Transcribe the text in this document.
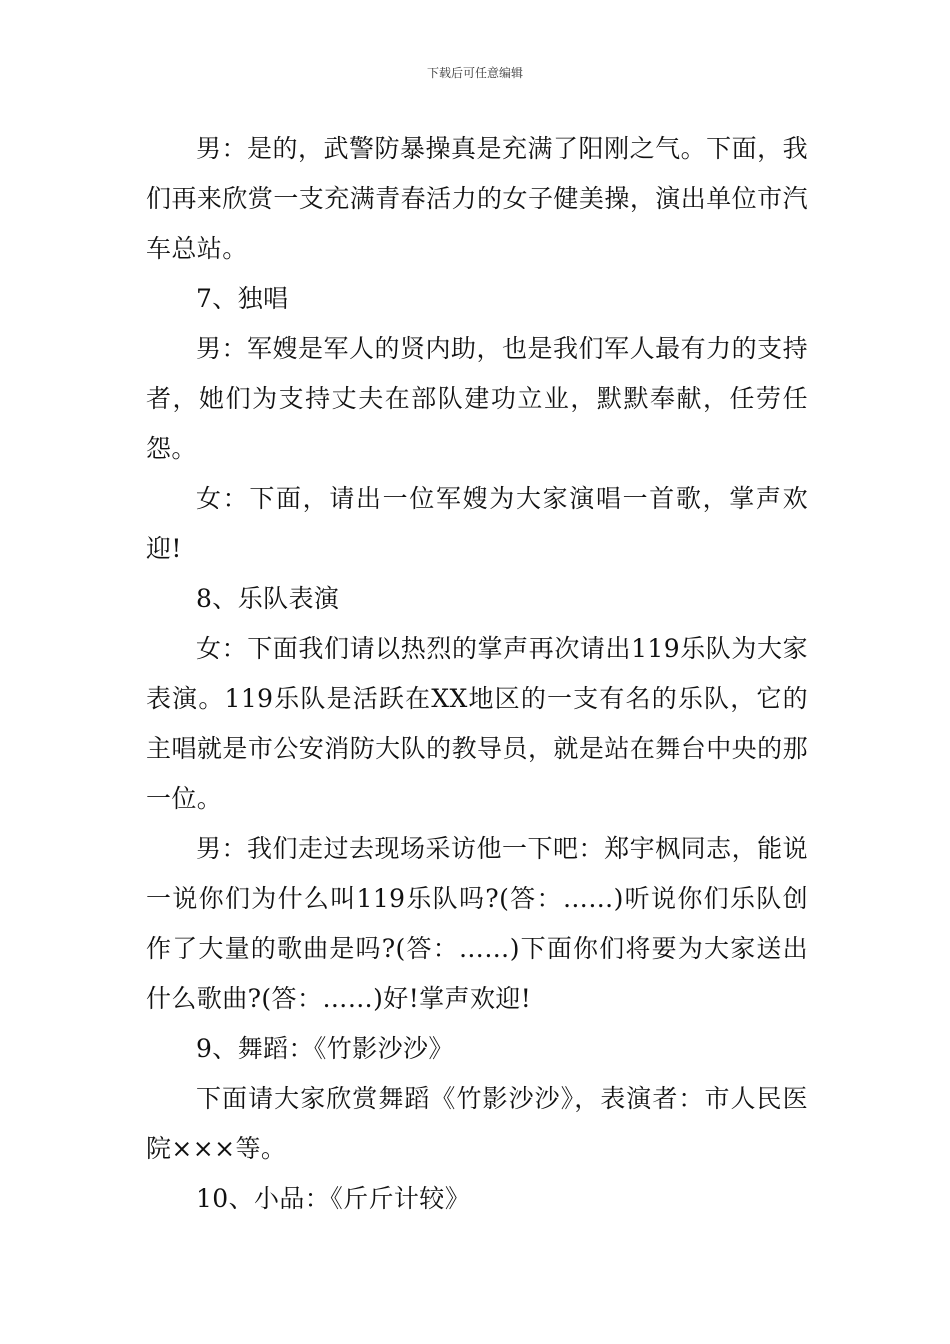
下载后可任意编辑

男：是的，武警防暴操真是充满了阳刚之气。下面，我们再来欣赏一支充满青春活力的女子健美操，演出单位市汽车总站。

7、独唱

男：军嫂是军人的贤内助，也是我们军人最有力的支持者，她们为支持丈夫在部队建功立业，默默奉献，任劳任怨。

女：下面，请出一位军嫂为大家演唱一首歌，掌声欢迎!

8、乐队表演

女：下面我们请以热烈的掌声再次请出119乐队为大家表演。119乐队是活跃在XX地区的一支有名的乐队，它的主唱就是市公安消防大队的教导员，就是站在舞台中央的那一位。

男：我们走过去现场采访他一下吧：郑宇枫同志，能说一说你们为什么叫119乐队吗?(答：……)听说你们乐队创作了大量的歌曲是吗?(答：……)下面你们将要为大家送出什么歌曲?(答：……)好!掌声欢迎!

9、舞蹈：《竹影沙沙》

下面请大家欣赏舞蹈《竹影沙沙》，表演者：市人民医院×××等。

10、小品：《斤斤计较》
